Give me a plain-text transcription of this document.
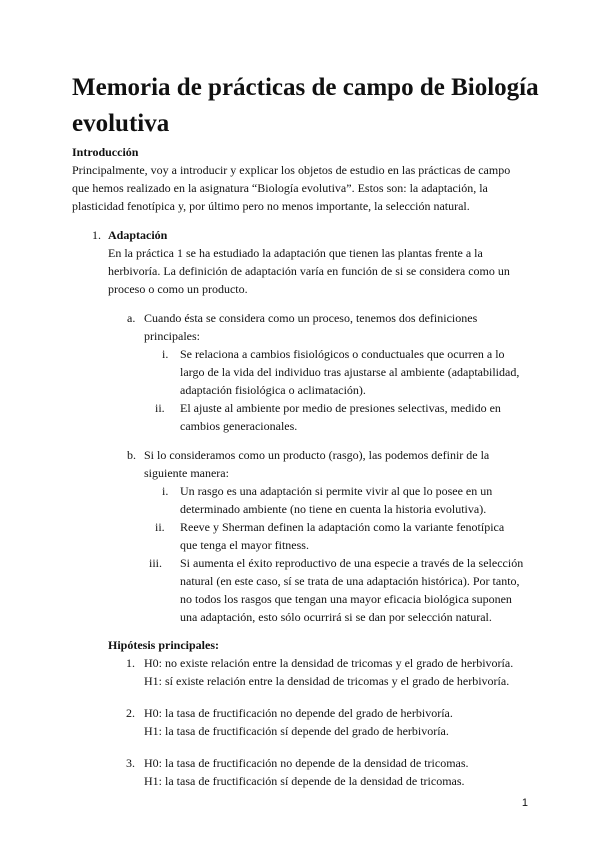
Memoria de prácticas de campo de Biología evolutiva
Introducción
Principalmente, voy a introducir y explicar los objetos de estudio en las prácticas de campo
que hemos realizado en la asignatura “Biología evolutiva”. Estos son: la adaptación, la
plasticidad fenotípica y, por último pero no menos importante, la selección natural.
1. Adaptación
En la práctica 1 se ha estudiado la adaptación que tienen las plantas frente a la
herbivoría. La definición de adaptación varía en función de si se considera como un
proceso o como un producto.
a. Cuando ésta se considera como un proceso, tenemos dos definiciones
principales:
i. Se relaciona a cambios fisiológicos o conductuales que ocurren a lo
largo de la vida del individuo tras ajustarse al ambiente (adaptabilidad,
adaptación fisiológica o aclimatación).
ii. El ajuste al ambiente por medio de presiones selectivas, medido en
cambios generacionales.
b. Si lo consideramos como un producto (rasgo), las podemos definir de la
siguiente manera:
i. Un rasgo es una adaptación si permite vivir al que lo posee en un
determinado ambiente (no tiene en cuenta la historia evolutiva).
ii. Reeve y Sherman definen la adaptación como la variante fenotípica
que tenga el mayor fitness.
iii. Si aumenta el éxito reproductivo de una especie a través de la selección
natural (en este caso, sí se trata de una adaptación histórica). Por tanto,
no todos los rasgos que tengan una mayor eficacia biológica suponen
una adaptación, esto sólo ocurrirá si se dan por selección natural.
Hipótesis principales:
1. H0: no existe relación entre la densidad de tricomas y el grado de herbivoría.
H1: sí existe relación entre la densidad de tricomas y el grado de herbivoría.
2. H0: la tasa de fructificación no depende del grado de herbivoría.
H1: la tasa de fructificación sí depende del grado de herbivoría.
3. H0: la tasa de fructificación no depende de la densidad de tricomas.
H1: la tasa de fructificación sí depende de la densidad de tricomas.
1
